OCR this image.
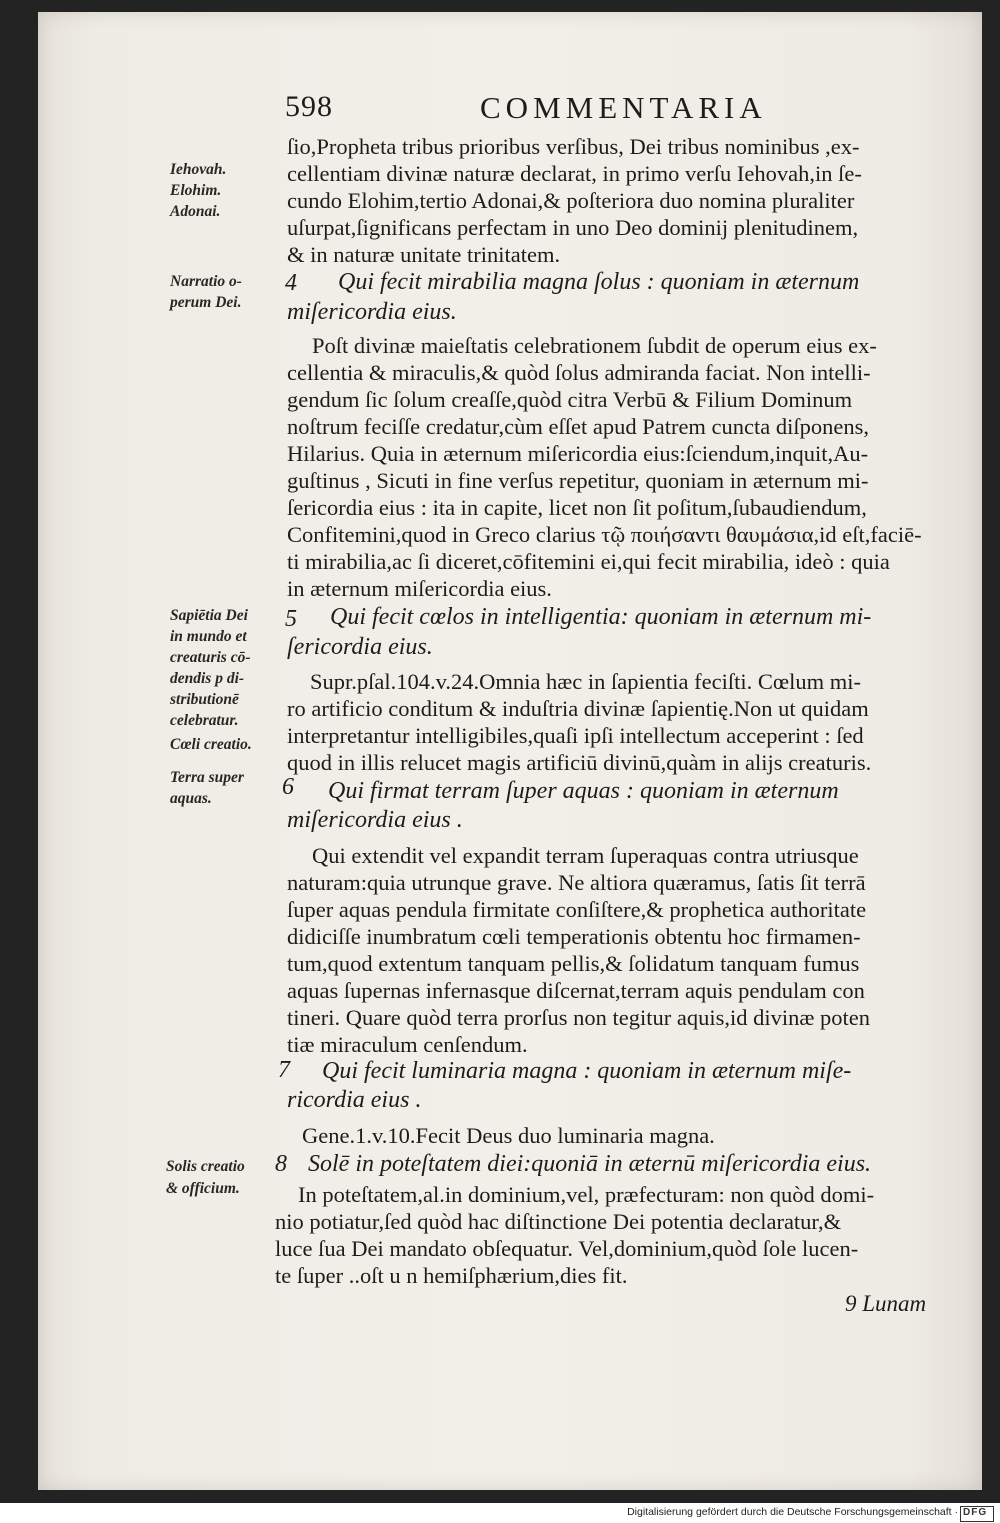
598	COMMENTARIA
Iehovah.
Elohim.
Adonai.
Narratio o-
perum Dei.
Sapiētia Dei
in mundo et
creaturis cō-
dendis p di-
stributionē
celebratur.
Cœli creatio.
Terra super
aquas.
Solis creatio
& officium.
4
5
6
7
8
ſio,Propheta tribus prioribus verſibus, Dei tribus nominibus ,ex-
cellentiam divinæ naturæ declarat, in primo verſu Iehovah,in ſe-
cundo Elohim,tertio Adonai,& poſteriora duo nomina pluraliter
uſurpat,ſignificans perfectam in uno Deo dominij plenitudinem,
& in naturæ unitate trinitatem.
Qui fecit mirabilia magna ſolus : quoniam in æternum
miſericordia eius.
Poſt divinæ maieſtatis celebrationem ſubdit de operum eius ex-
cellentia & miraculis,& quòd ſolus admiranda faciat. Non intelli-
gendum ſic ſolum creaſſe,quòd citra Verbū & Filium Dominum
noſtrum feciſſe credatur,cùm eſſet apud Patrem cuncta diſponens,
Hilarius. Quia in æternum miſericordia eius:ſciendum,inquit,Au-
guſtinus , Sicuti in fine verſus repetitur, quoniam in æternum mi-
ſericordia eius : ita in capite, licet non ſit poſitum,ſubaudiendum,
Confitemini,quod in Greco clarius τῷ ποιήσαντι θαυμάσια,id eſt,faciē-
ti mirabilia,ac ſi diceret,cōfitemini ei,qui fecit mirabilia, ideò : quia
in æternum miſericordia eius.
Qui fecit cœlos in intelligentia: quoniam in æternum mi-
ſericordia eius.
Supr.pſal.104.v.24.Omnia hæc in ſapientia feciſti. Cœlum mi-
ro artificio conditum & induſtria divinæ ſapientię.Non ut quidam
interpretantur intelligibiles,quaſi ipſi intellectum acceperint : ſed
quod in illis relucet magis artificiū divinū,quàm in alijs creaturis.
Qui firmat terram ſuper aquas : quoniam in æternum
miſericordia eius .
Qui extendit vel expandit terram ſuperaquas contra utriusque
naturam:quia utrunque grave. Ne altiora quæramus, ſatis ſit terrā
ſuper aquas pendula firmitate conſiſtere,& prophetica authoritate
didiciſſe inumbratum cœli temperationis obtentu hoc firmamen-
tum,quod extentum tanquam pellis,& ſolidatum tanquam fumus
aquas ſupernas infernasque diſcernat,terram aquis pendulam con
tineri. Quare quòd terra prorſus non tegitur aquis,id divinæ poten
tiæ miraculum cenſendum.
Qui fecit luminaria magna : quoniam in æternum miſe-
ricordia eius .
Gene.1.v.10.Fecit Deus duo luminaria magna.
Solē in poteſtatem diei:quoniā in æternū miſericordia eius.
In poteſtatem,al.in dominium,vel, præfecturam: non quòd domi-
nio potiatur,ſed quòd hac diſtinctione Dei potentia declaratur,&
luce ſua Dei mandato obſequatur. Vel,dominium,quòd ſole lucen-
te ſuper ..oſt u n hemiſphærium,dies fit.
9 Lunam
Digitalisierung gefördert durch die Deutsche Forschungsgemeinschaft · DFG
